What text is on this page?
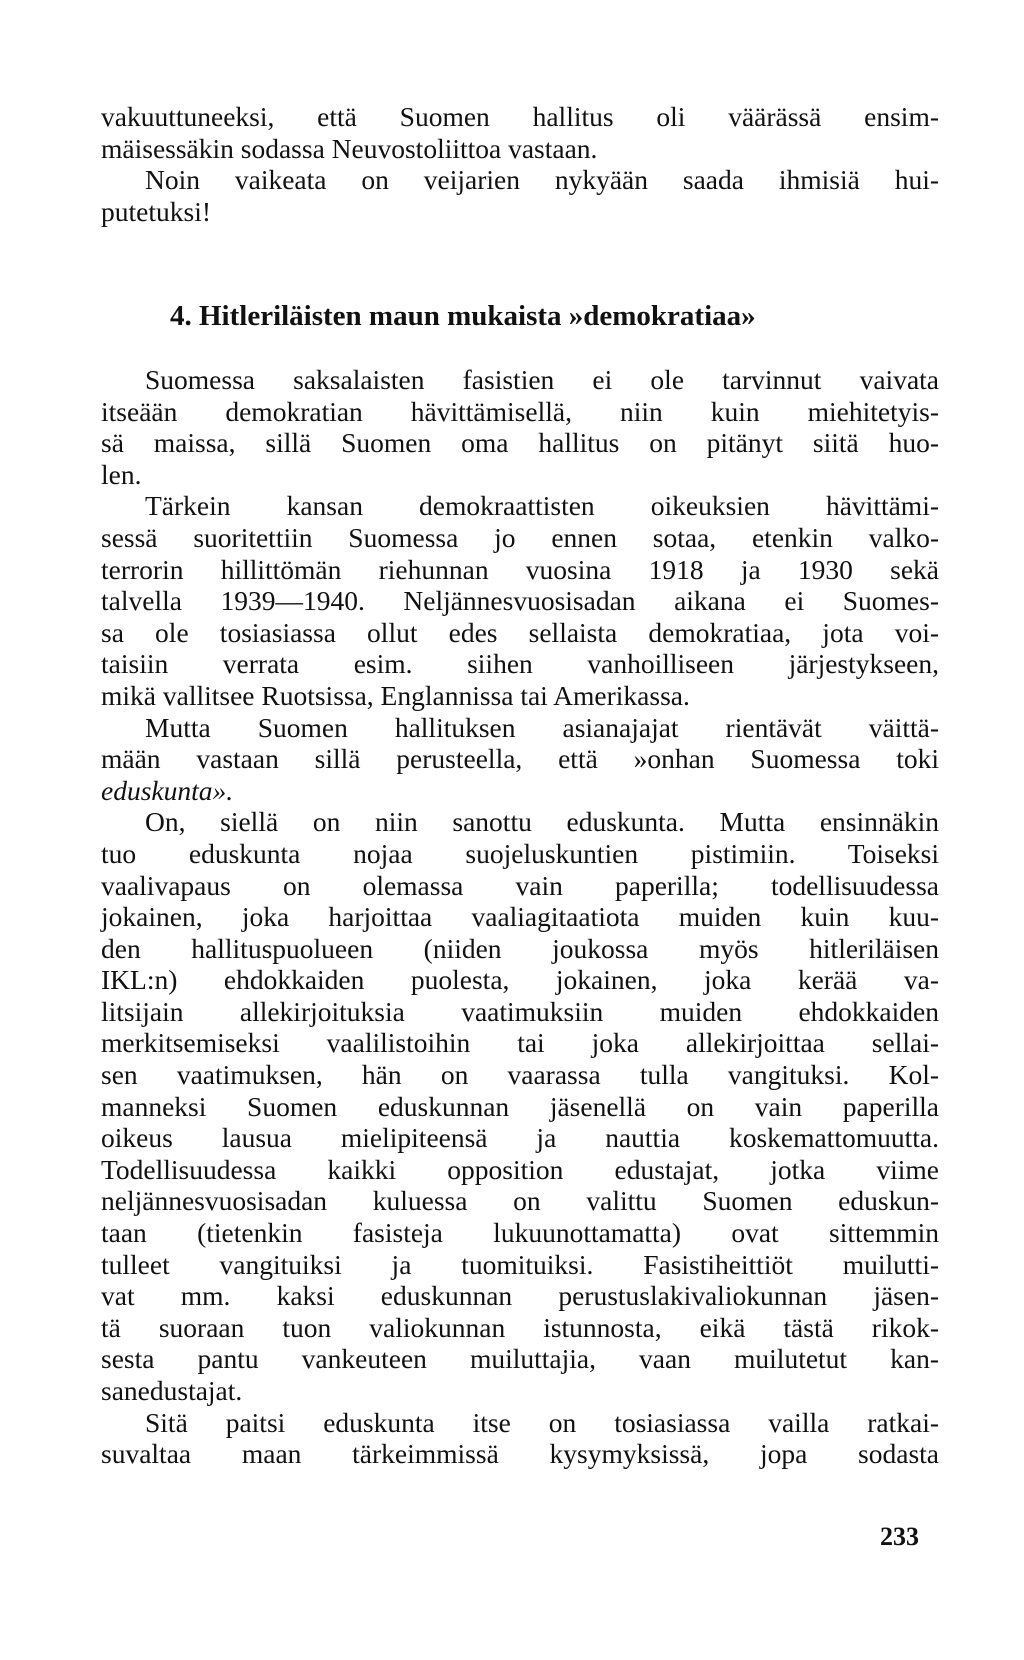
vakuuttuneeksi, että Suomen hallitus oli väärässä ensim-
mäisessäkin sodassa Neuvostoliittoa vastaan.
Noin vaikeata on veijarien nykyään saada ihmisiä hui-
putetuksi!
4. Hitleriläisten maun mukaista »demokratiaa»
Suomessa saksalaisten fasistien ei ole tarvinnut vaivata
itseään demokratian hävittämisellä, niin kuin miehitetyis-
sä maissa, sillä Suomen oma hallitus on pitänyt siitä huo-
len.
Tärkein kansan demokraattisten oikeuksien hävittämi-
sessä suoritettiin Suomessa jo ennen sotaa, etenkin valko-
terrorin hillittömän riehunnan vuosina 1918 ja 1930 sekä
talvella 1939—1940. Neljännesvuosisadan aikana ei Suomes-
sa ole tosiasiassa ollut edes sellaista demokratiaa, jota voi-
taisiin verrata esim. siihen vanhoilliseen järjestykseen,
mikä vallitsee Ruotsissa, Englannissa tai Amerikassa.
Mutta Suomen hallituksen asianajajat rientävät väittä-
mään vastaan sillä perusteella, että »onhan Suomessa toki
eduskunta».
On, siellä on niin sanottu eduskunta. Mutta ensinnäkin
tuo eduskunta nojaa suojeluskuntien pistimiin. Toiseksi
vaalivapaus on olemassa vain paperilla; todellisuudessa
jokainen, joka harjoittaa vaaliagitaatiota muiden kuin kuu-
den hallituspuolueen (niiden joukossa myös hitleriläisen
IKL:n) ehdokkaiden puolesta, jokainen, joka kerää va-
litsijain allekirjoituksia vaatimuksiin muiden ehdokkaiden
merkitsemiseksi vaalilistoihin tai joka allekirjoittaa sellai-
sen vaatimuksen, hän on vaarassa tulla vangituksi. Kol-
manneksi Suomen eduskunnan jäsenellä on vain paperilla
oikeus lausua mielipiteensä ja nauttia koskemattomuutta.
Todellisuudessa kaikki opposition edustajat, jotka viime
neljännesvuosisadan kuluessa on valittu Suomen eduskun-
taan (tietenkin fasisteja lukuunottamatta) ovat sittemmin
tulleet vangituiksi ja tuomituiksi. Fasistiheittiöt muilutti-
vat mm. kaksi eduskunnan perustuslakivaliokunnan jäsen-
tä suoraan tuon valiokunnan istunnosta, eikä tästä rikok-
sesta pantu vankeuteen muiluttajia, vaan muilutetut kan-
sanedustajat.
Sitä paitsi eduskunta itse on tosiasiassa vailla ratkai-
suvaltaa maan tärkeimmissä kysymyksissä, jopa sodasta
233
